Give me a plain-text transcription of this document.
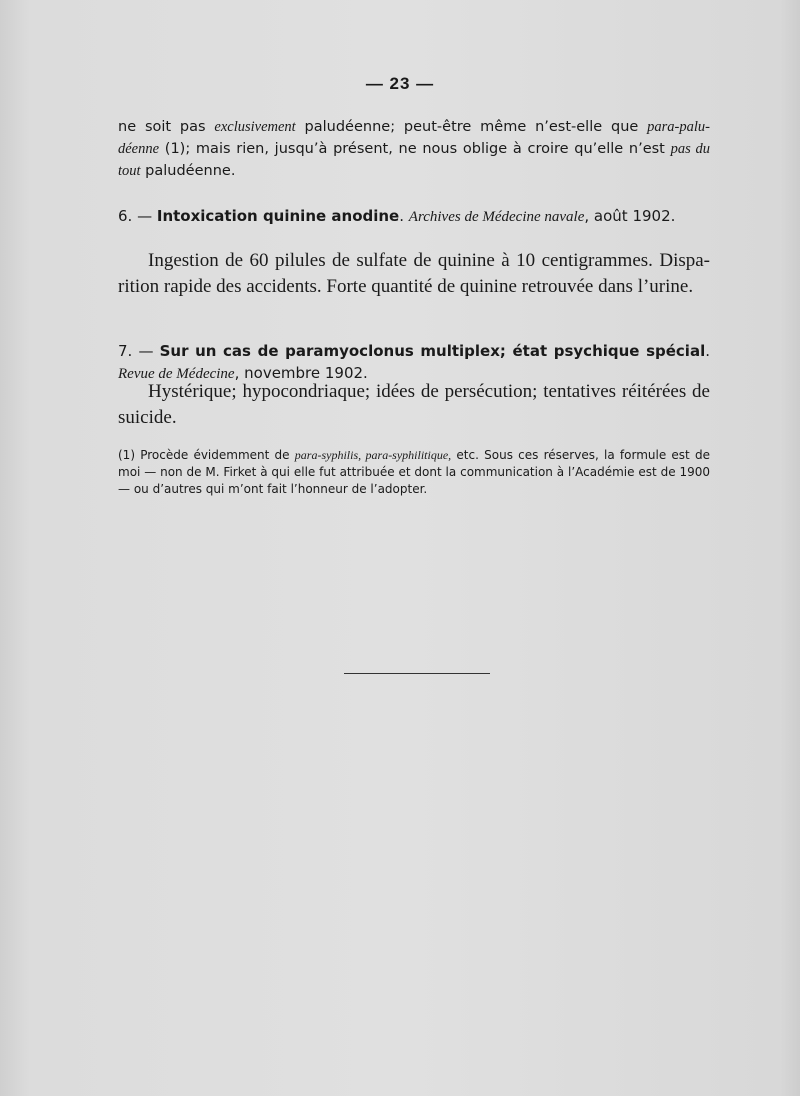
— 23 —
ne soit pas exclusivement paludéenne; peut-être même n’est-elle que para-palu-déenne (1); mais rien, jusqu’à présent, ne nous oblige à croire qu’elle n’est pas du tout paludéenne.
6. — Intoxication quinine anodine. Archives de Médecine navale, août 1902.
Ingestion de 60 pilules de sulfate de quinine à 10 centigrammes. Dispa-rition rapide des accidents. Forte quantité de quinine retrouvée dans l’urine.
7. — Sur un cas de paramyoclonus multiplex; état psychique spécial. Revue de Médecine, novembre 1902.
Hystérique; hypocondriaque; idées de persécution; tentatives réitérées de suicide.
(1) Procède évidemment de para-syphilis, para-syphilitique, etc. Sous ces réserves, la formule est de moi — non de M. Firket à qui elle fut attribuée et dont la communication à l’Académie est de 1900 — ou d’autres qui m’ont fait l’honneur de l’adopter.
